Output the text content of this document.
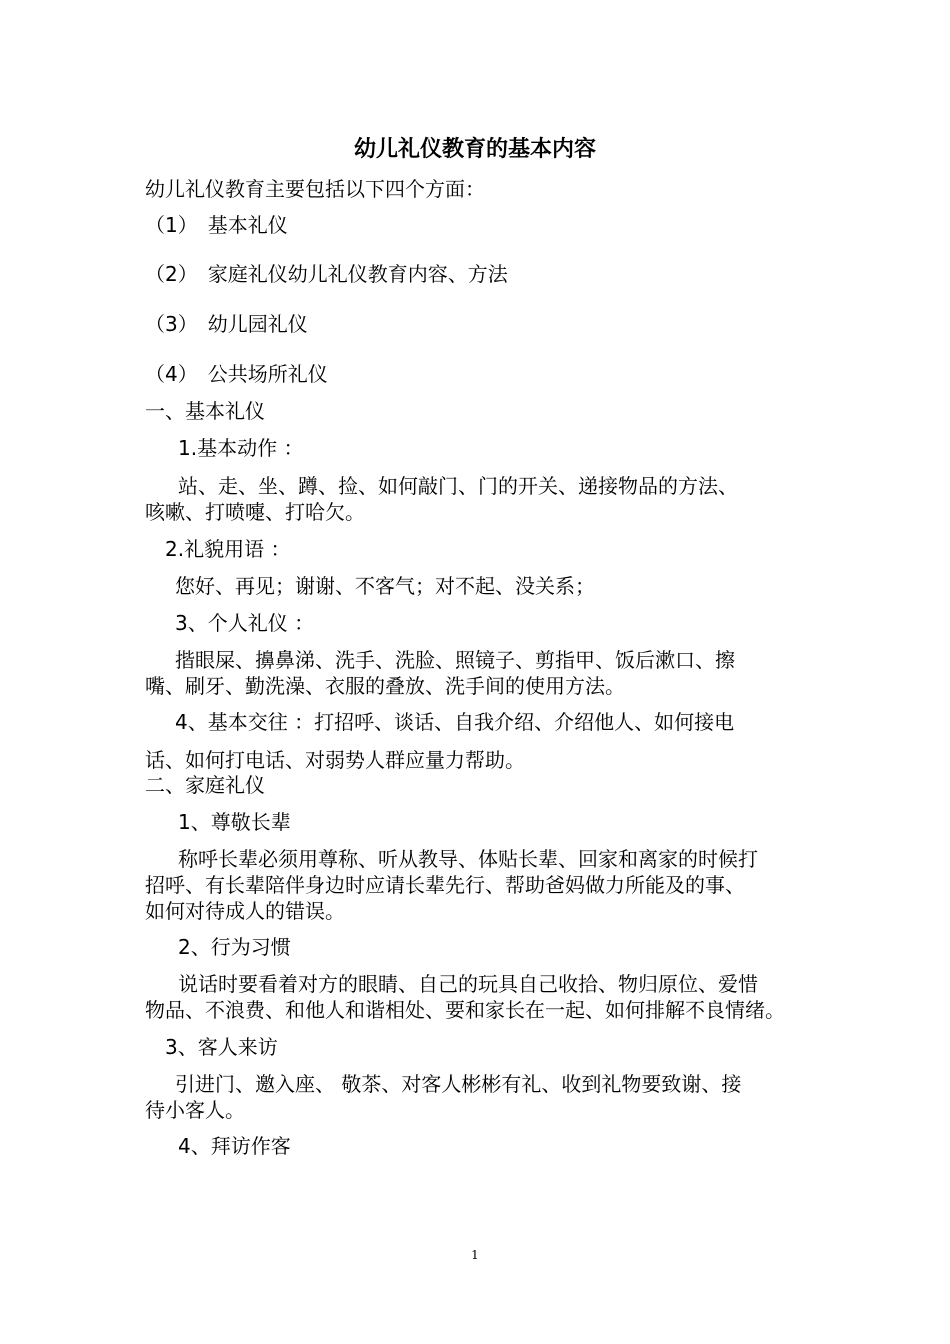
幼儿礼仪教育的基本内容
幼儿礼仪教育主要包括以下四个方面：
（1） 基本礼仪
（2） 家庭礼仪幼儿礼仪教育内容、方法
（3） 幼儿园礼仪
（4） 公共场所礼仪
一、基本礼仪
1.基本动作 ：
站、走、坐、蹲、捡、如何敲门、门的开关、递接物品的方法、
咳嗽、打喷嚏、打哈欠。
2.礼貌用语 ：
您好、再见；谢谢、不客气；对不起、没关系；
3、个人礼仪 ：
揩眼屎、擤鼻涕、洗手、洗脸、照镜子、剪指甲、饭后漱口、擦
嘴、刷牙、勤洗澡、衣服的叠放、洗手间的使用方法。
4、基本交往 ：打招呼、谈话、自我介绍、介绍他人、如何接电
话、如何打电话、对弱势人群应量力帮助。
二、家庭礼仪
1、尊敬长辈
称呼长辈必须用尊称、听从教导、体贴长辈、回家和离家的时候打
招呼、有长辈陪伴身边时应请长辈先行、帮助爸妈做力所能及的事、
如何对待成人的错误。
2、行为习惯
说话时要看着对方的眼睛、自己的玩具自己收拾、物归原位、爱惜
物品、不浪费、和他人和谐相处、要和家长在一起、如何排解不良情绪。
3、客人来访
引进门、邀入座、 敬茶、对客人彬彬有礼、收到礼物要致谢、接
待小客人。
4、拜访作客
1
